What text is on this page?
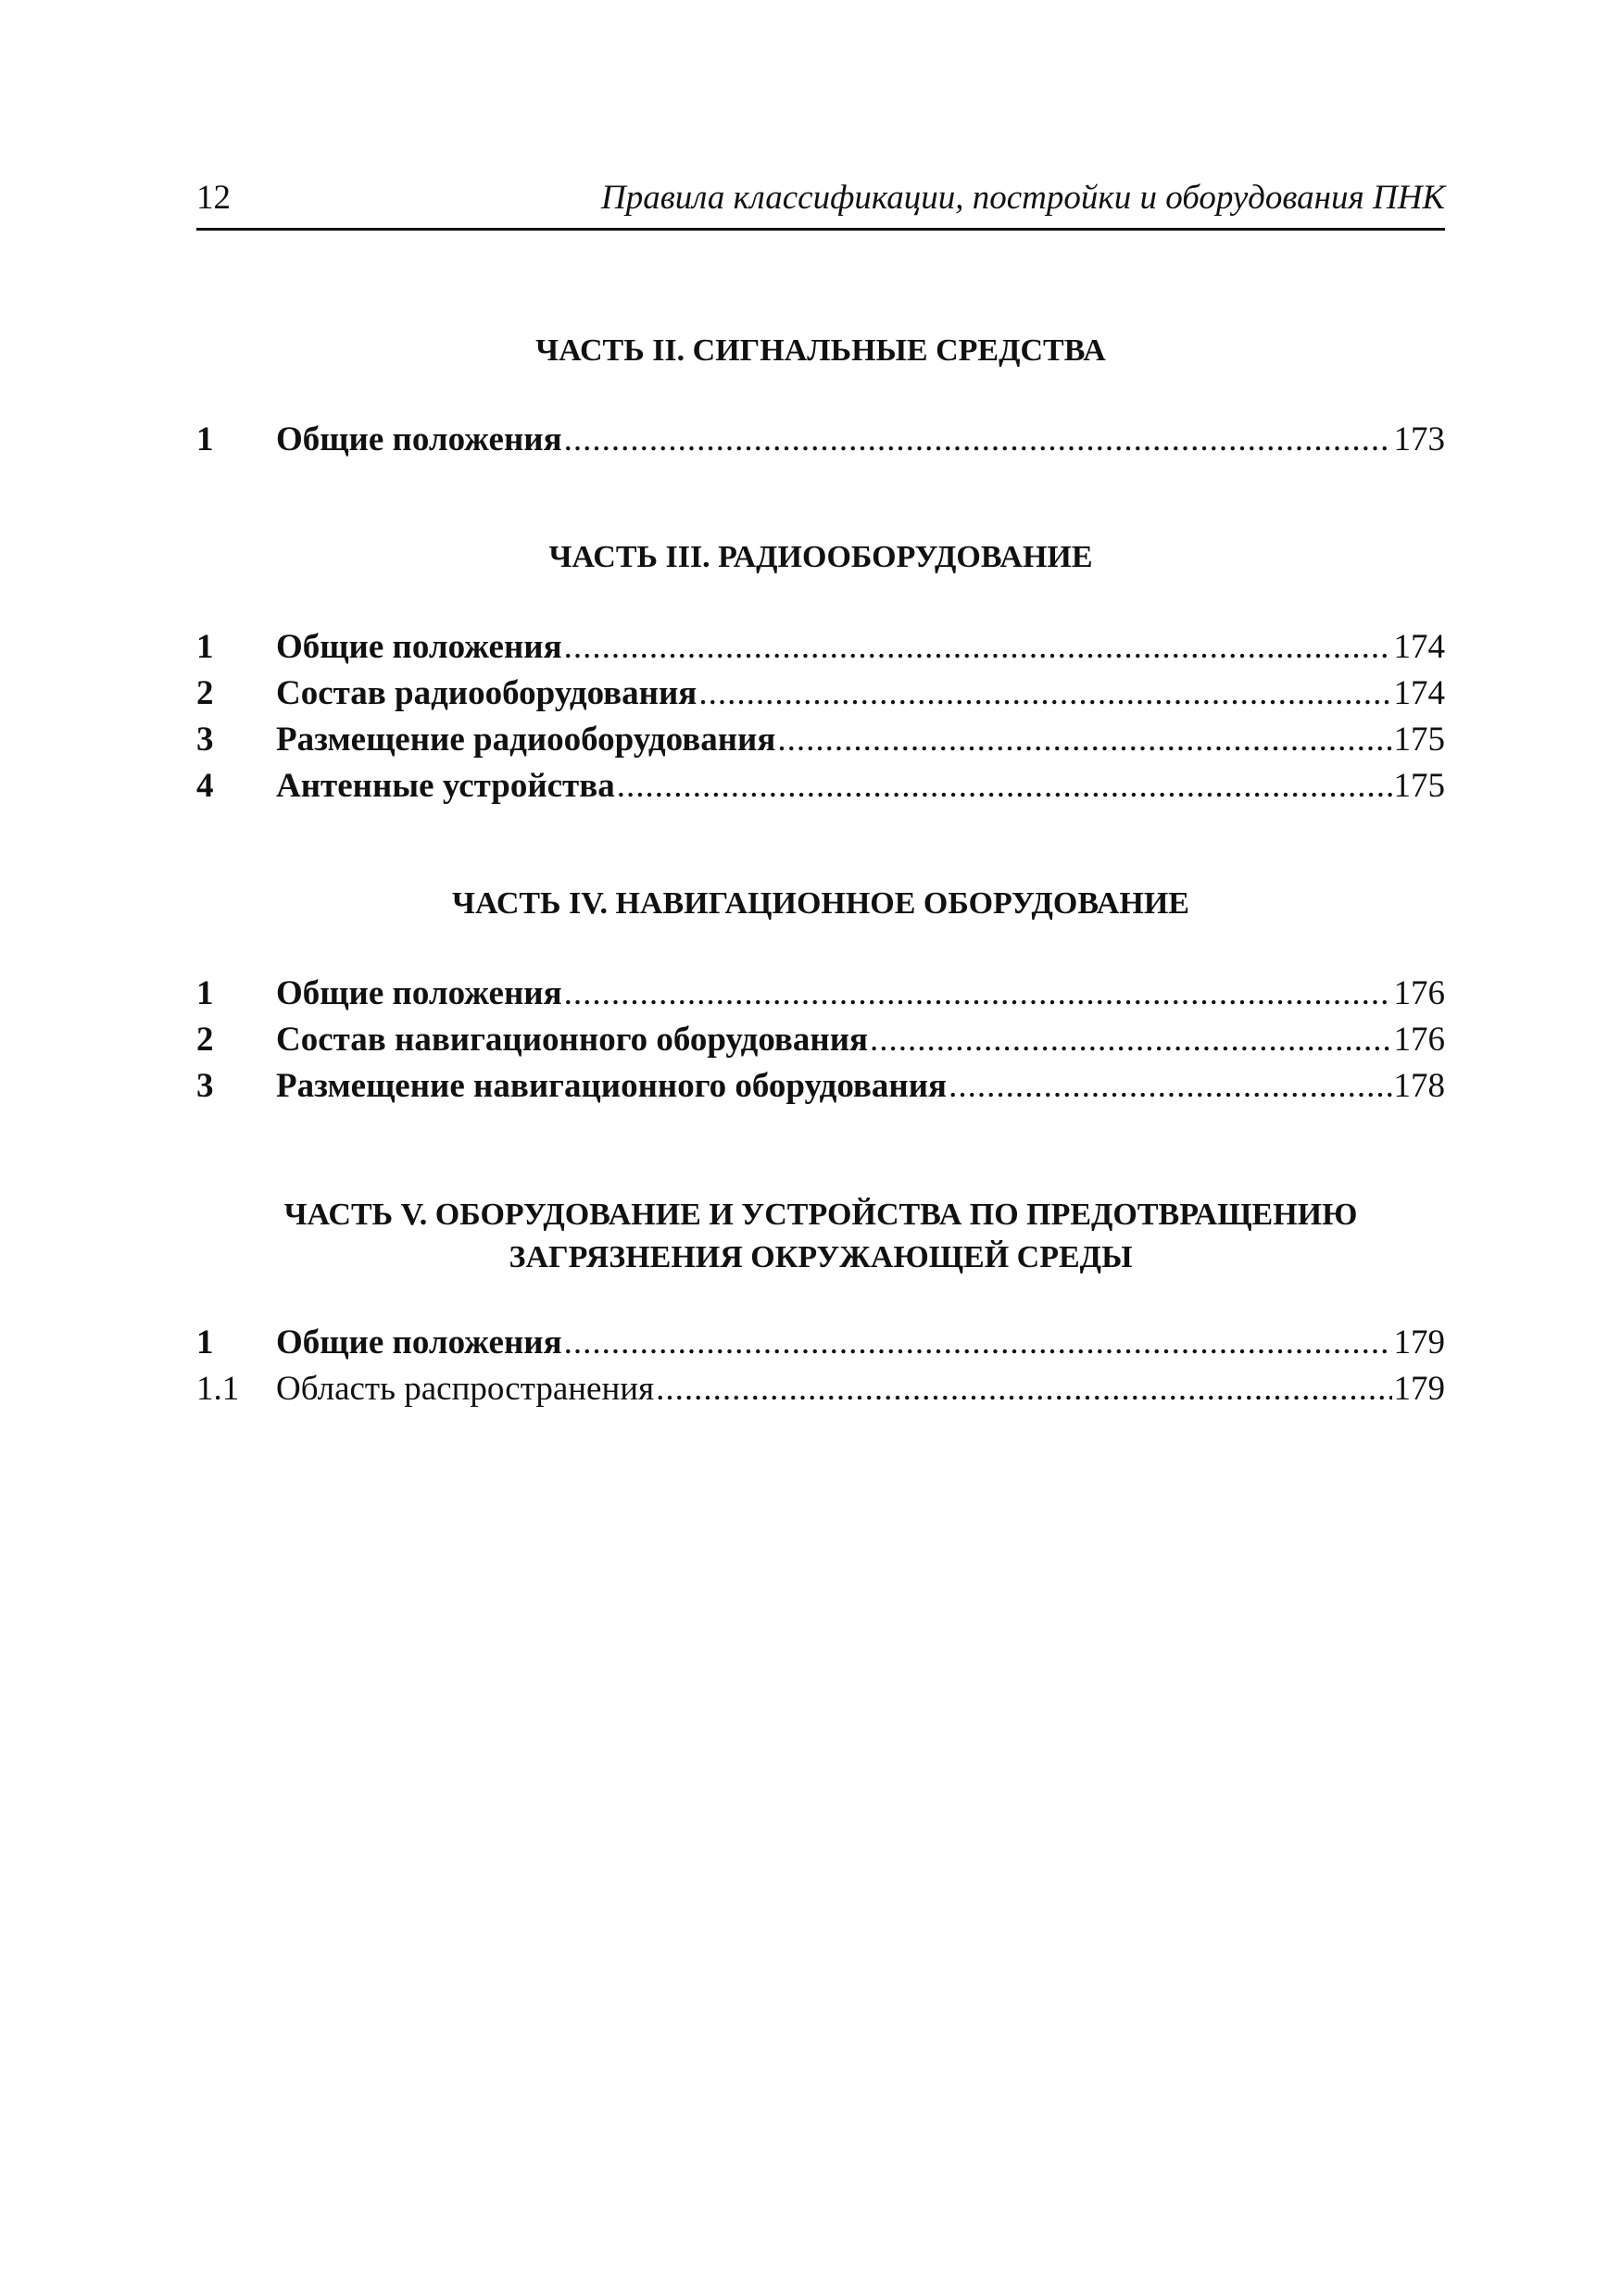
12	Правила классификации, постройки и оборудования ПНК
ЧАСТЬ II. СИГНАЛЬНЫЕ СРЕДСТВА
1 Общие положения .....	173
ЧАСТЬ III. РАДИООБОРУДОВАНИЕ
1 Общие положения .....	174
2 Состав радиооборудования .....	174
3 Размещение радиооборудования .....	175
4 Антенные устройства .....	175
ЧАСТЬ IV. НАВИГАЦИОННОЕ ОБОРУДОВАНИЕ
1 Общие положения .....	176
2 Состав навигационного оборудования .....	176
3 Размещение навигационного оборудования .....	178
ЧАСТЬ V. ОБОРУДОВАНИЕ И УСТРОЙСТВА ПО ПРЕДОТВРАЩЕНИЮ
ЗАГРЯЗНЕНИЯ ОКРУЖАЮЩЕЙ СРЕДЫ
1 Общие положения .....	179
1.1 Область распространения .....	179
